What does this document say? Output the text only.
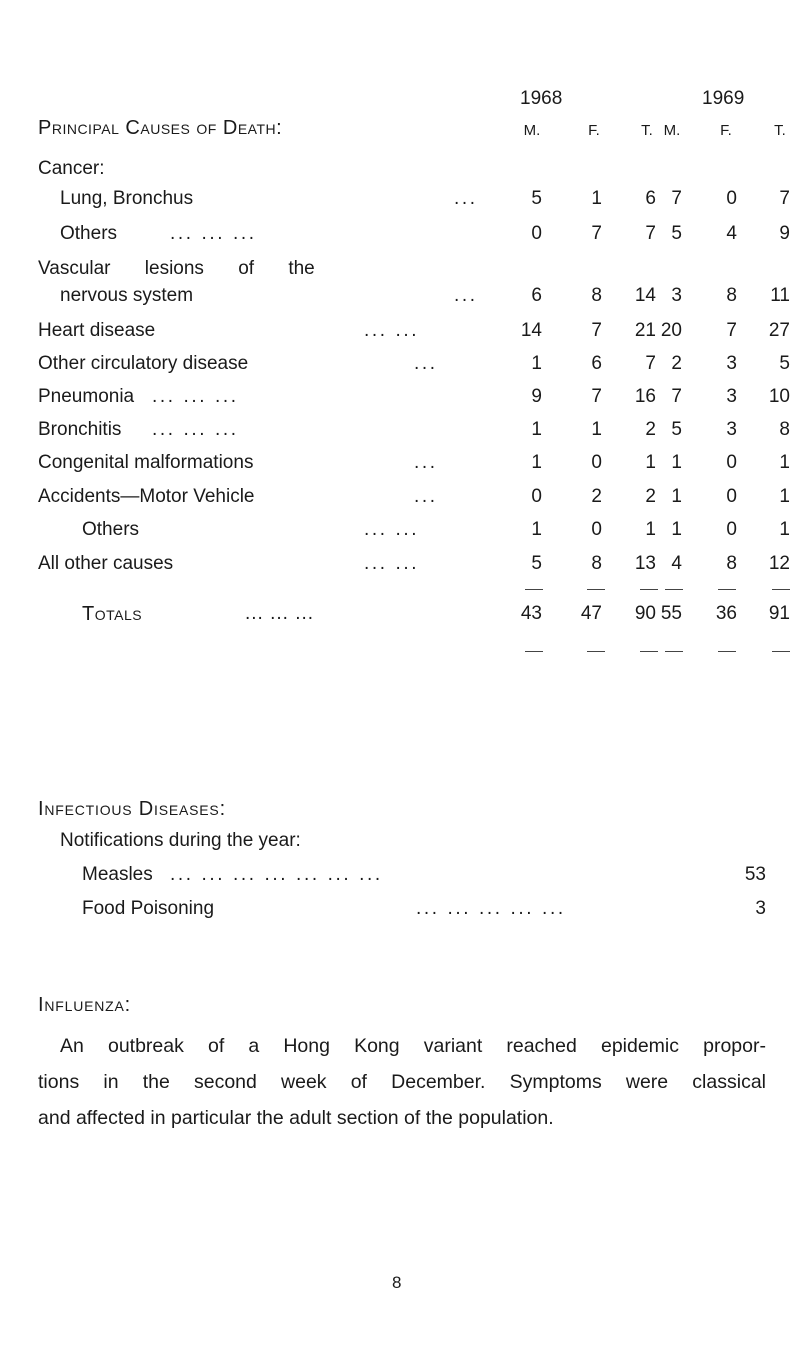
1968	1969
Principal Causes of Death:	M.	F.	T. M.	F.	T.
Cancer:
Lung, Bronchus	...	5	1	6 7	0	7
Others	... ... ...	0	7	7 5	4	9
Vascular lesions of the
nervous system	...	6	8	14 3	8	11
Heart disease	... ...	14	7	21 20	7	27
Other circulatory disease	...	1	6	7 2	3	5
Pneumonia ... ... ...	9	7	16 7	3	10
Bronchitis ... ... ...	1	1	2 5	3	8
Congenital malformations	...	1	0	1 1	0	1
Accidents—Motor Vehicle	...	0	2	2 1	0	1
Others	... ...	1	0	1 1	0	1
All other causes	... ...	5	8	13 4	8	12
Totals	... ... ...	43	47	90 55	36	91
Infectious Diseases:
Notifications during the year:
Measles ... ... ... ... ... ... ...	53
Food Poisoning	... ... ... ... ...	3
Influenza:
An outbreak of a Hong Kong variant reached epidemic propor-
tions in the second week of December. Symptoms were classical
and affected in particular the adult section of the population.
8
